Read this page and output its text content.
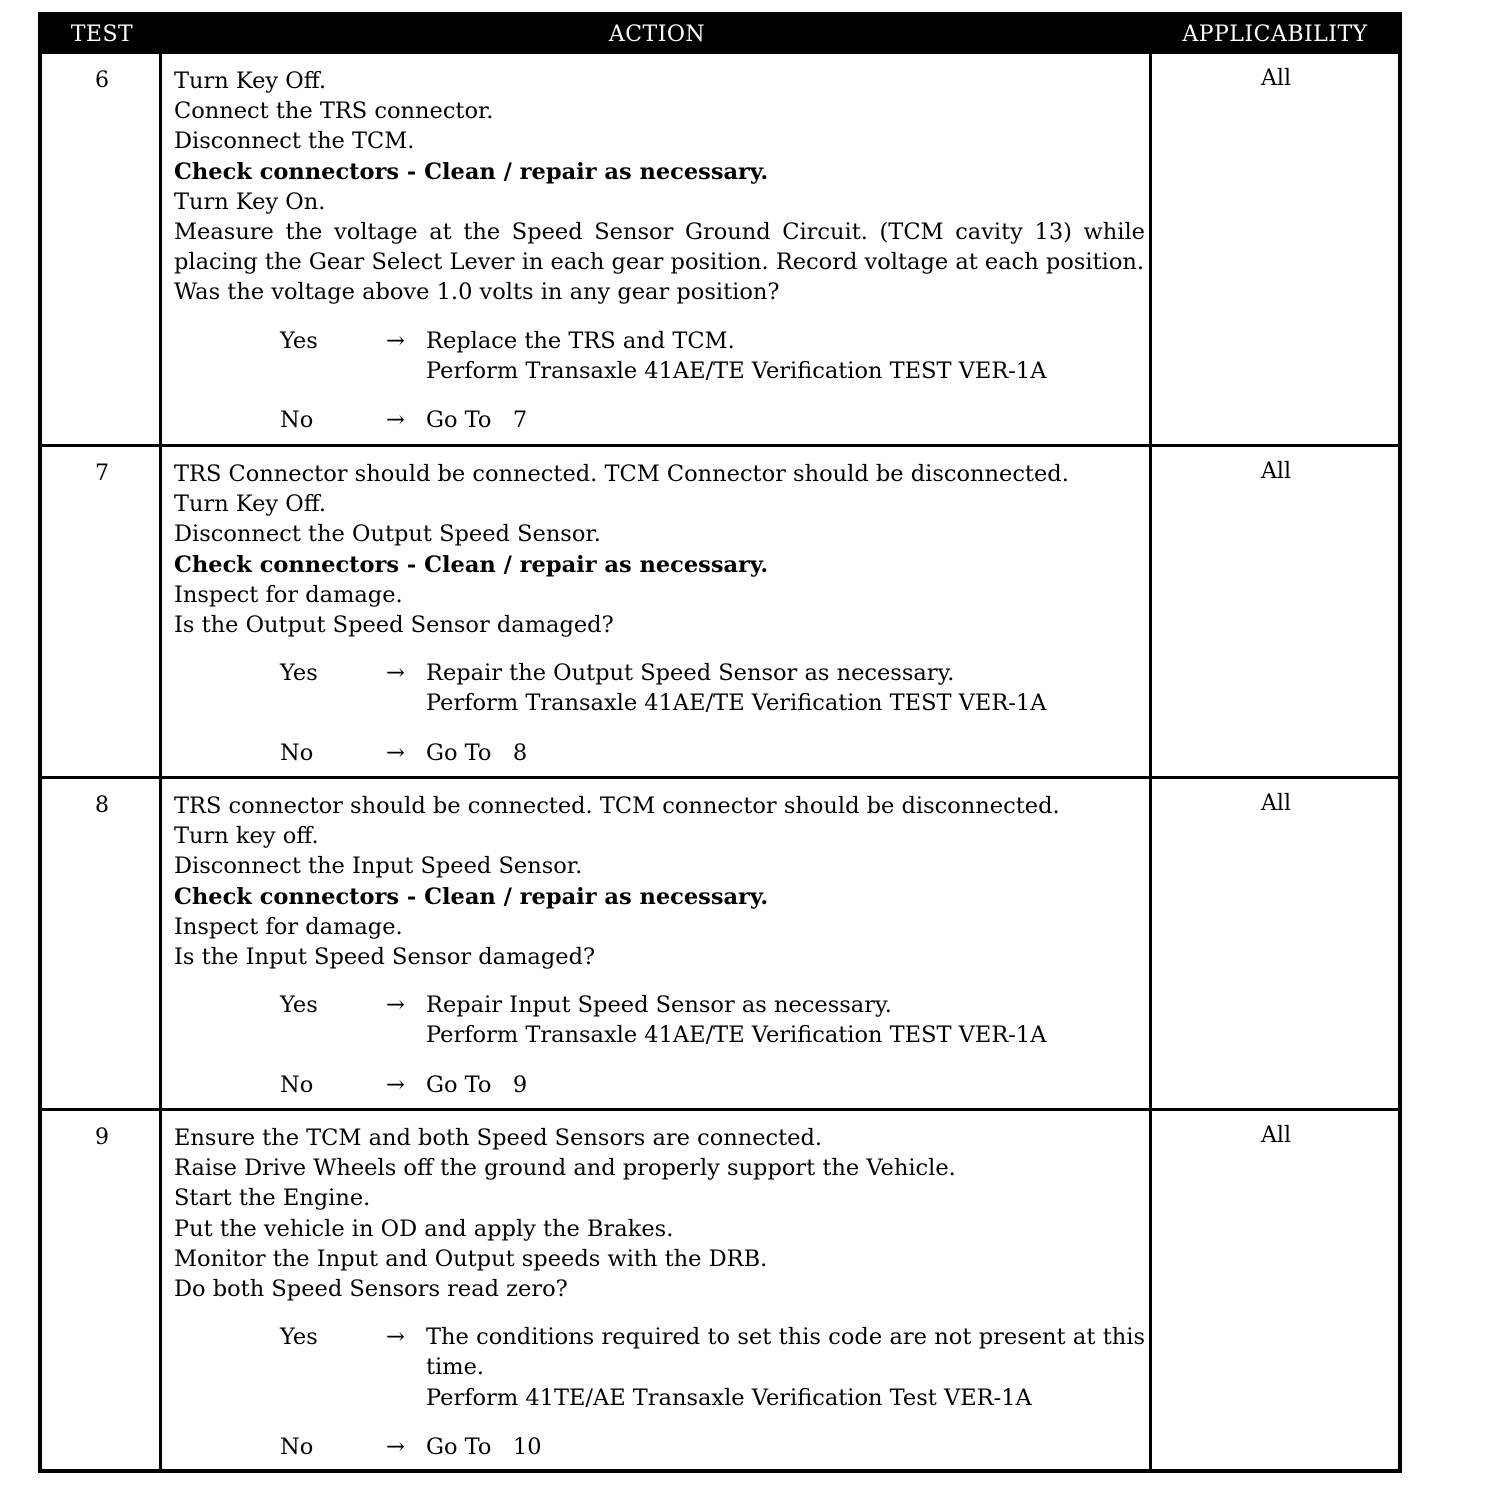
TEST	ACTION	APPLICABILITY
6	Turn Key Off.
Connect the TRS connector.
Disconnect the TCM.
Check connectors - Clean / repair as necessary.
Turn Key On.
Measure the voltage at the Speed Sensor Ground Circuit. (TCM cavity 13) while
placing the Gear Select Lever in each gear position. Record voltage at each position.
Was the voltage above 1.0 volts in any gear position?
Yes	→ Replace the TRS and TCM.
Perform Transaxle 41AE/TE Verification TEST VER-1A
No	→ Go To   7
All
7	TRS Connector should be connected. TCM Connector should be disconnected.
Turn Key Off.
Disconnect the Output Speed Sensor.
Check connectors - Clean / repair as necessary.
Inspect for damage.
Is the Output Speed Sensor damaged?
Yes	→ Repair the Output Speed Sensor as necessary.
Perform Transaxle 41AE/TE Verification TEST VER-1A
No	→ Go To   8
All
8	TRS connector should be connected. TCM connector should be disconnected.
Turn key off.
Disconnect the Input Speed Sensor.
Check connectors - Clean / repair as necessary.
Inspect for damage.
Is the Input Speed Sensor damaged?
Yes	→ Repair Input Speed Sensor as necessary.
Perform Transaxle 41AE/TE Verification TEST VER-1A
No	→ Go To   9
All
9	Ensure the TCM and both Speed Sensors are connected.
Raise Drive Wheels off the ground and properly support the Vehicle.
Start the Engine.
Put the vehicle in OD and apply the Brakes.
Monitor the Input and Output speeds with the DRB.
Do both Speed Sensors read zero?
Yes	→ The conditions required to set this code are not present at this
time.
Perform 41TE/AE Transaxle Verification Test VER-1A
No	→ Go To   10
All
